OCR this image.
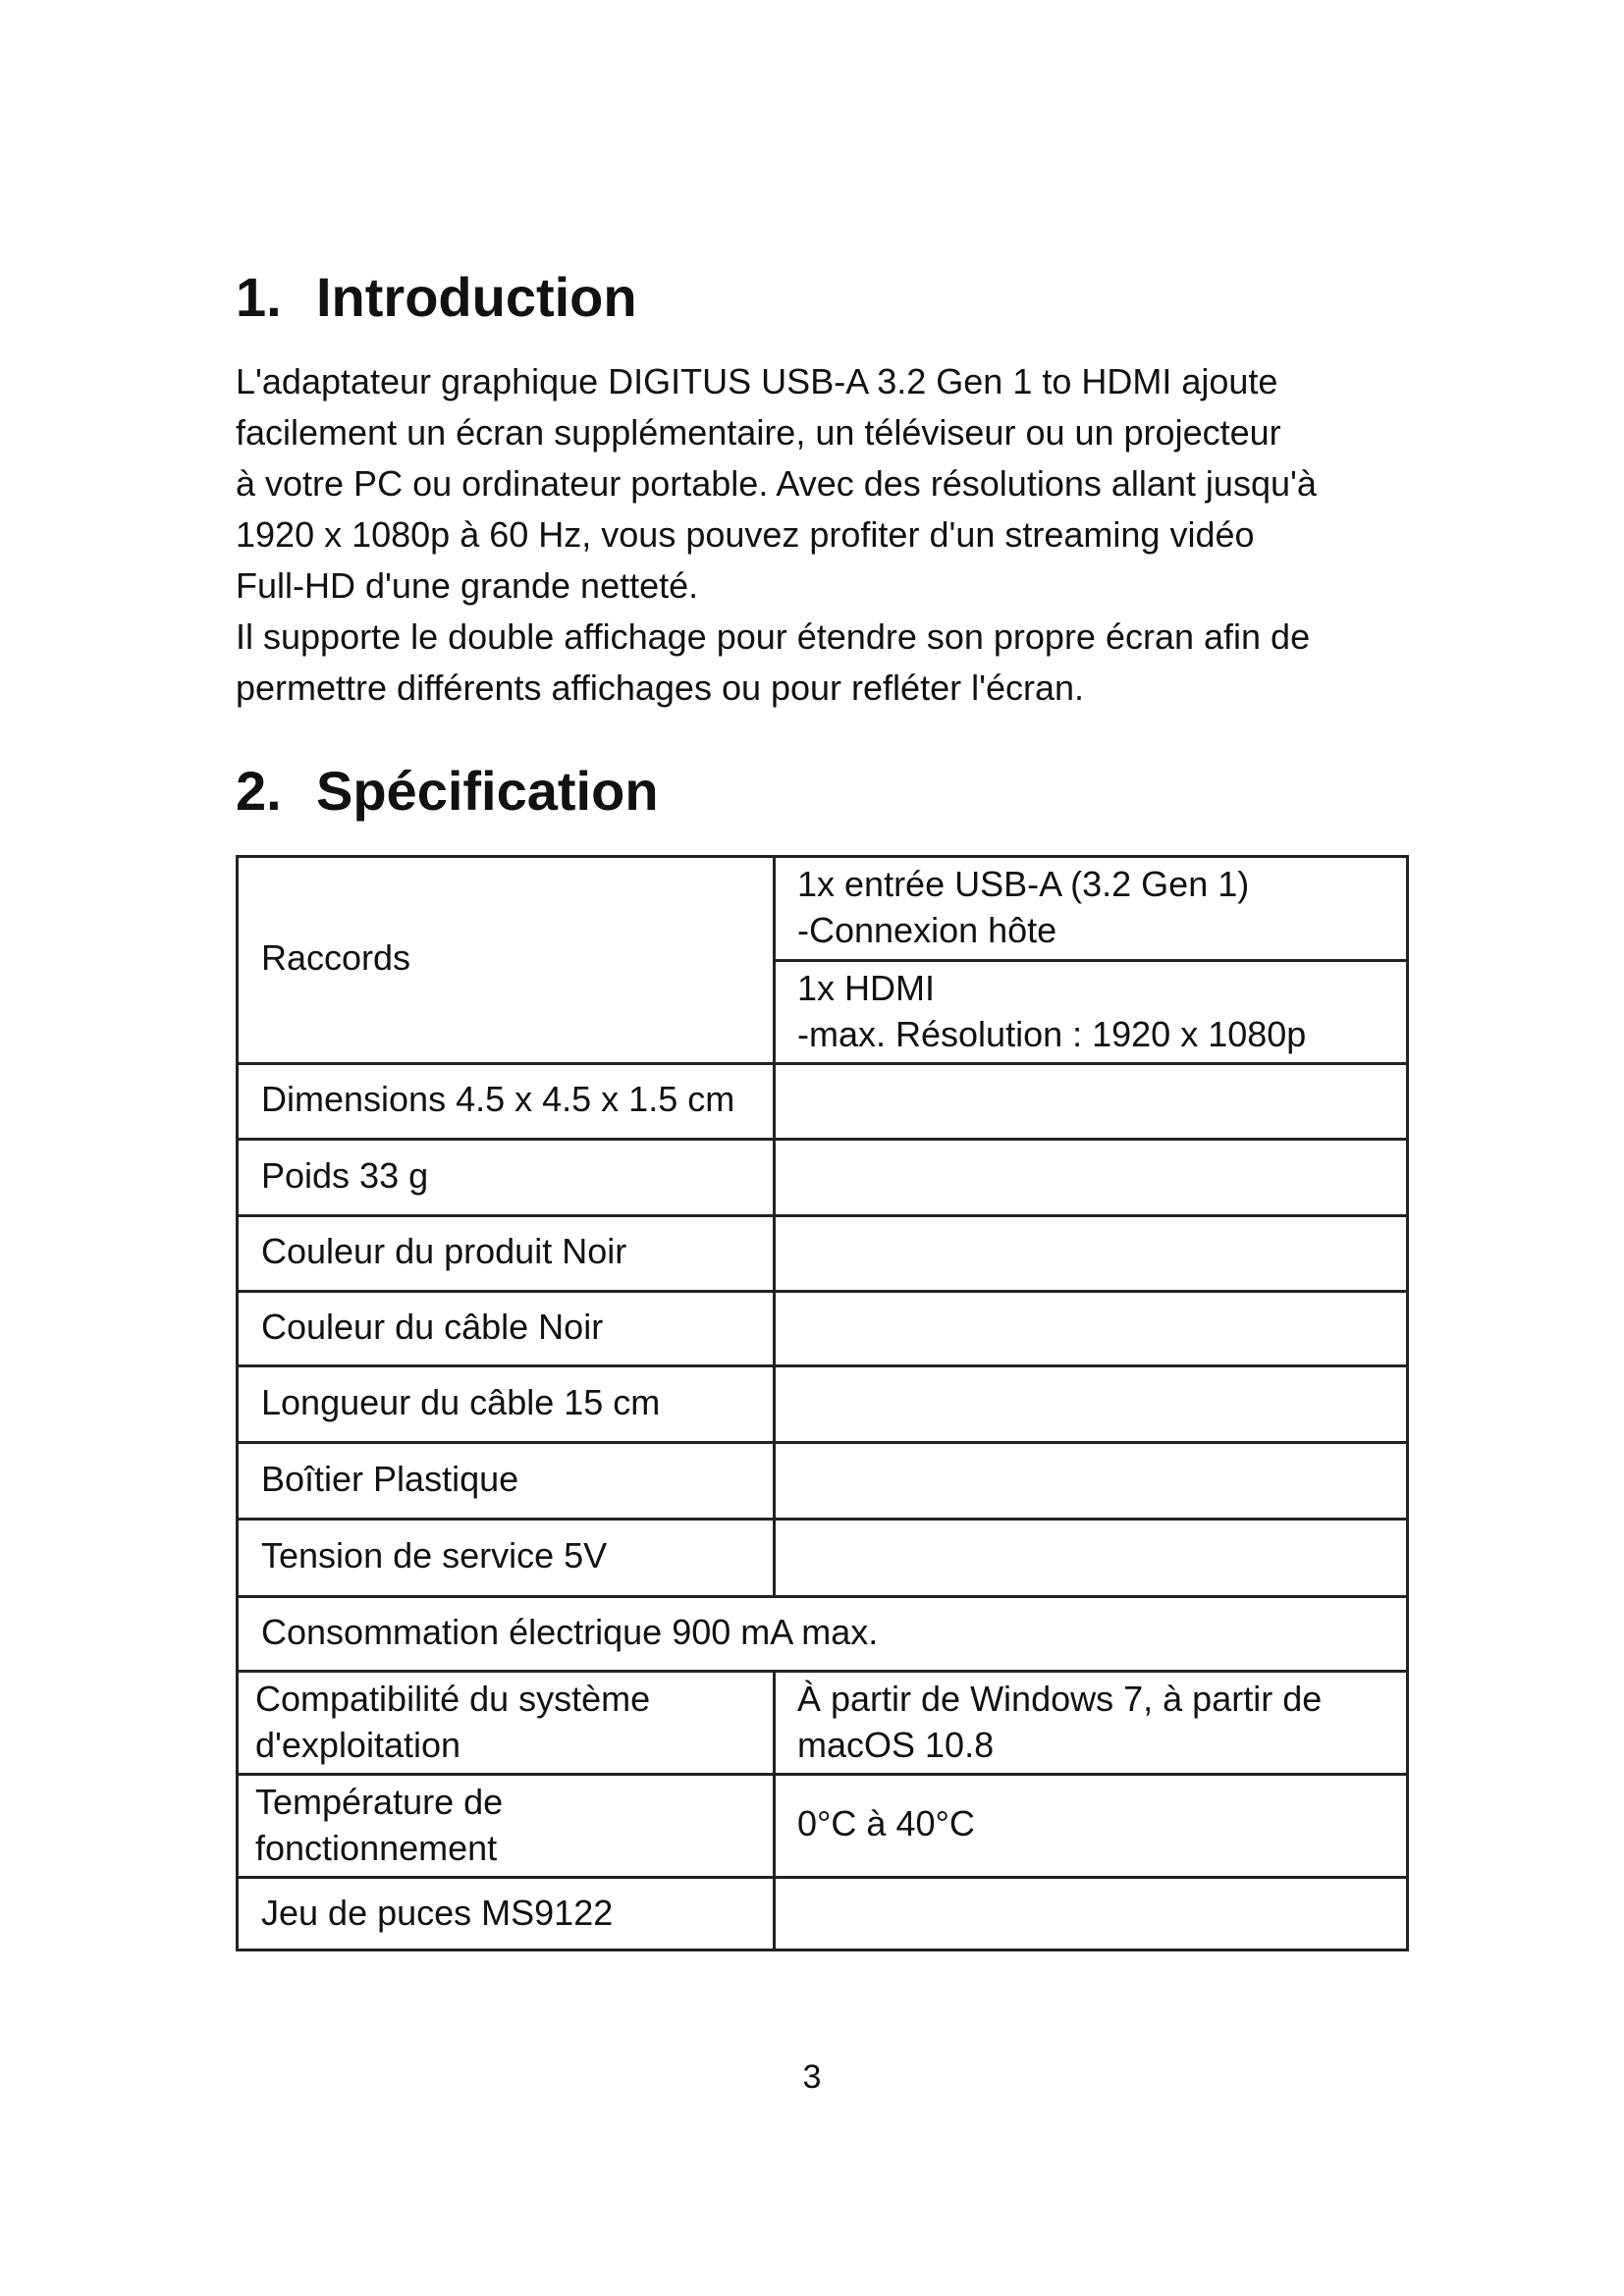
1. Introduction

L'adaptateur graphique DIGITUS USB-A 3.2 Gen 1 to HDMI ajoute
facilement un écran supplémentaire, un téléviseur ou un projecteur
à votre PC ou ordinateur portable. Avec des résolutions allant jusqu'à
1920 x 1080p à 60 Hz, vous pouvez profiter d'un streaming vidéo
Full-HD d'une grande netteté.
Il supporte le double affichage pour étendre son propre écran afin de
permettre différents affichages ou pour refléter l'écran.

2. Spécification
Raccords
1x entrée USB-A (3.2 Gen 1)
-Connexion hôte
1x HDMI
-max. Résolution : 1920 x 1080p
Dimensions 4.5 x 4.5 x 1.5 cm
Poids 33 g
Couleur du produit Noir
Couleur du câble Noir
Longueur du câble 15 cm
Boîtier Plastique
Tension de service 5V
Consommation électrique 900 mA max.
Compatibilité du système
d'exploitation
À partir de Windows 7, à partir de
macOS 10.8
Température de
fonctionnement
0°C à 40°C
Jeu de puces MS9122
3
